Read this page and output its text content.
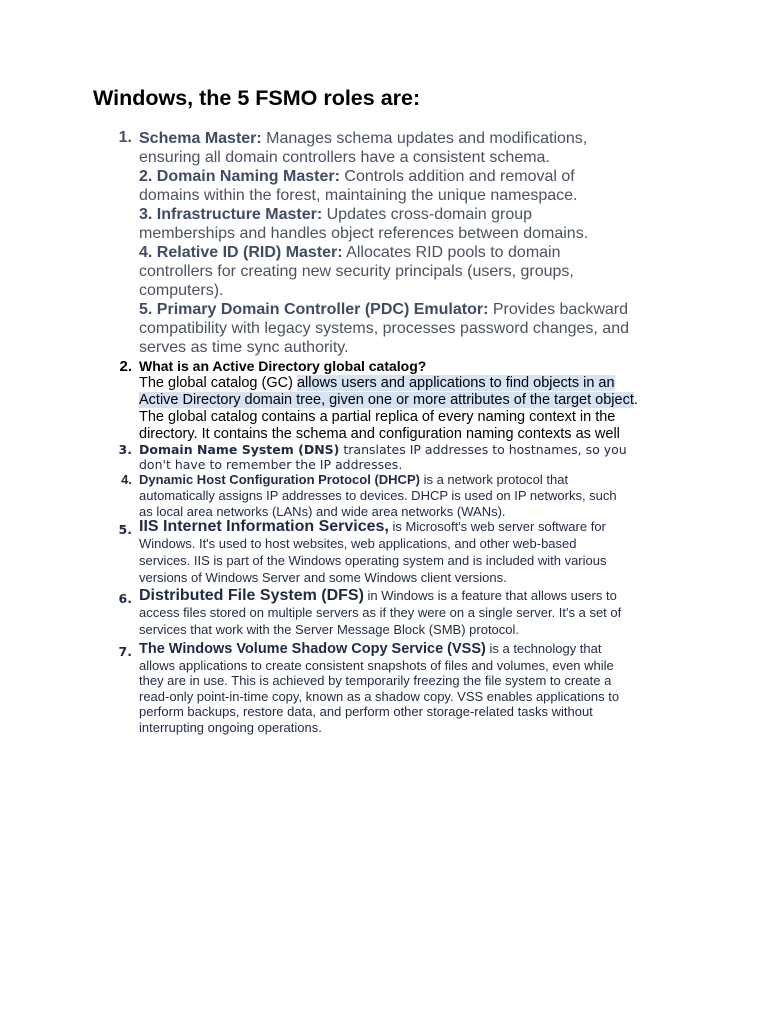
Windows, the 5 FSMO roles are:
1. Schema Master: Manages schema updates and modifications,
ensuring all domain controllers have a consistent schema.
2. Domain Naming Master: Controls addition and removal of
domains within the forest, maintaining the unique namespace.
3. Infrastructure Master: Updates cross-domain group
memberships and handles object references between domains.
4. Relative ID (RID) Master: Allocates RID pools to domain
controllers for creating new security principals (users, groups,
computers).
5. Primary Domain Controller (PDC) Emulator: Provides backward
compatibility with legacy systems, processes password changes, and
serves as time sync authority.
2. What is an Active Directory global catalog?
The global catalog (GC) allows users and applications to find objects in an
Active Directory domain tree, given one or more attributes of the target object.
The global catalog contains a partial replica of every naming context in the
directory. It contains the schema and configuration naming contexts as well
3. Domain Name System (DNS) translates IP addresses to hostnames, so you
don't have to remember the IP addresses.
4. Dynamic Host Configuration Protocol (DHCP) is a network protocol that
automatically assigns IP addresses to devices. DHCP is used on IP networks, such
as local area networks (LANs) and wide area networks (WANs).
5. IIS Internet Information Services, is Microsoft's web server software for
Windows. It's used to host websites, web applications, and other web-based
services. IIS is part of the Windows operating system and is included with various
versions of Windows Server and some Windows client versions.
6. Distributed File System (DFS) in Windows is a feature that allows users to
access files stored on multiple servers as if they were on a single server. It's a set of
services that work with the Server Message Block (SMB) protocol.
7. The Windows Volume Shadow Copy Service (VSS) is a technology that
allows applications to create consistent snapshots of files and volumes, even while
they are in use. This is achieved by temporarily freezing the file system to create a
read-only point-in-time copy, known as a shadow copy. VSS enables applications to
perform backups, restore data, and perform other storage-related tasks without
interrupting ongoing operations.
